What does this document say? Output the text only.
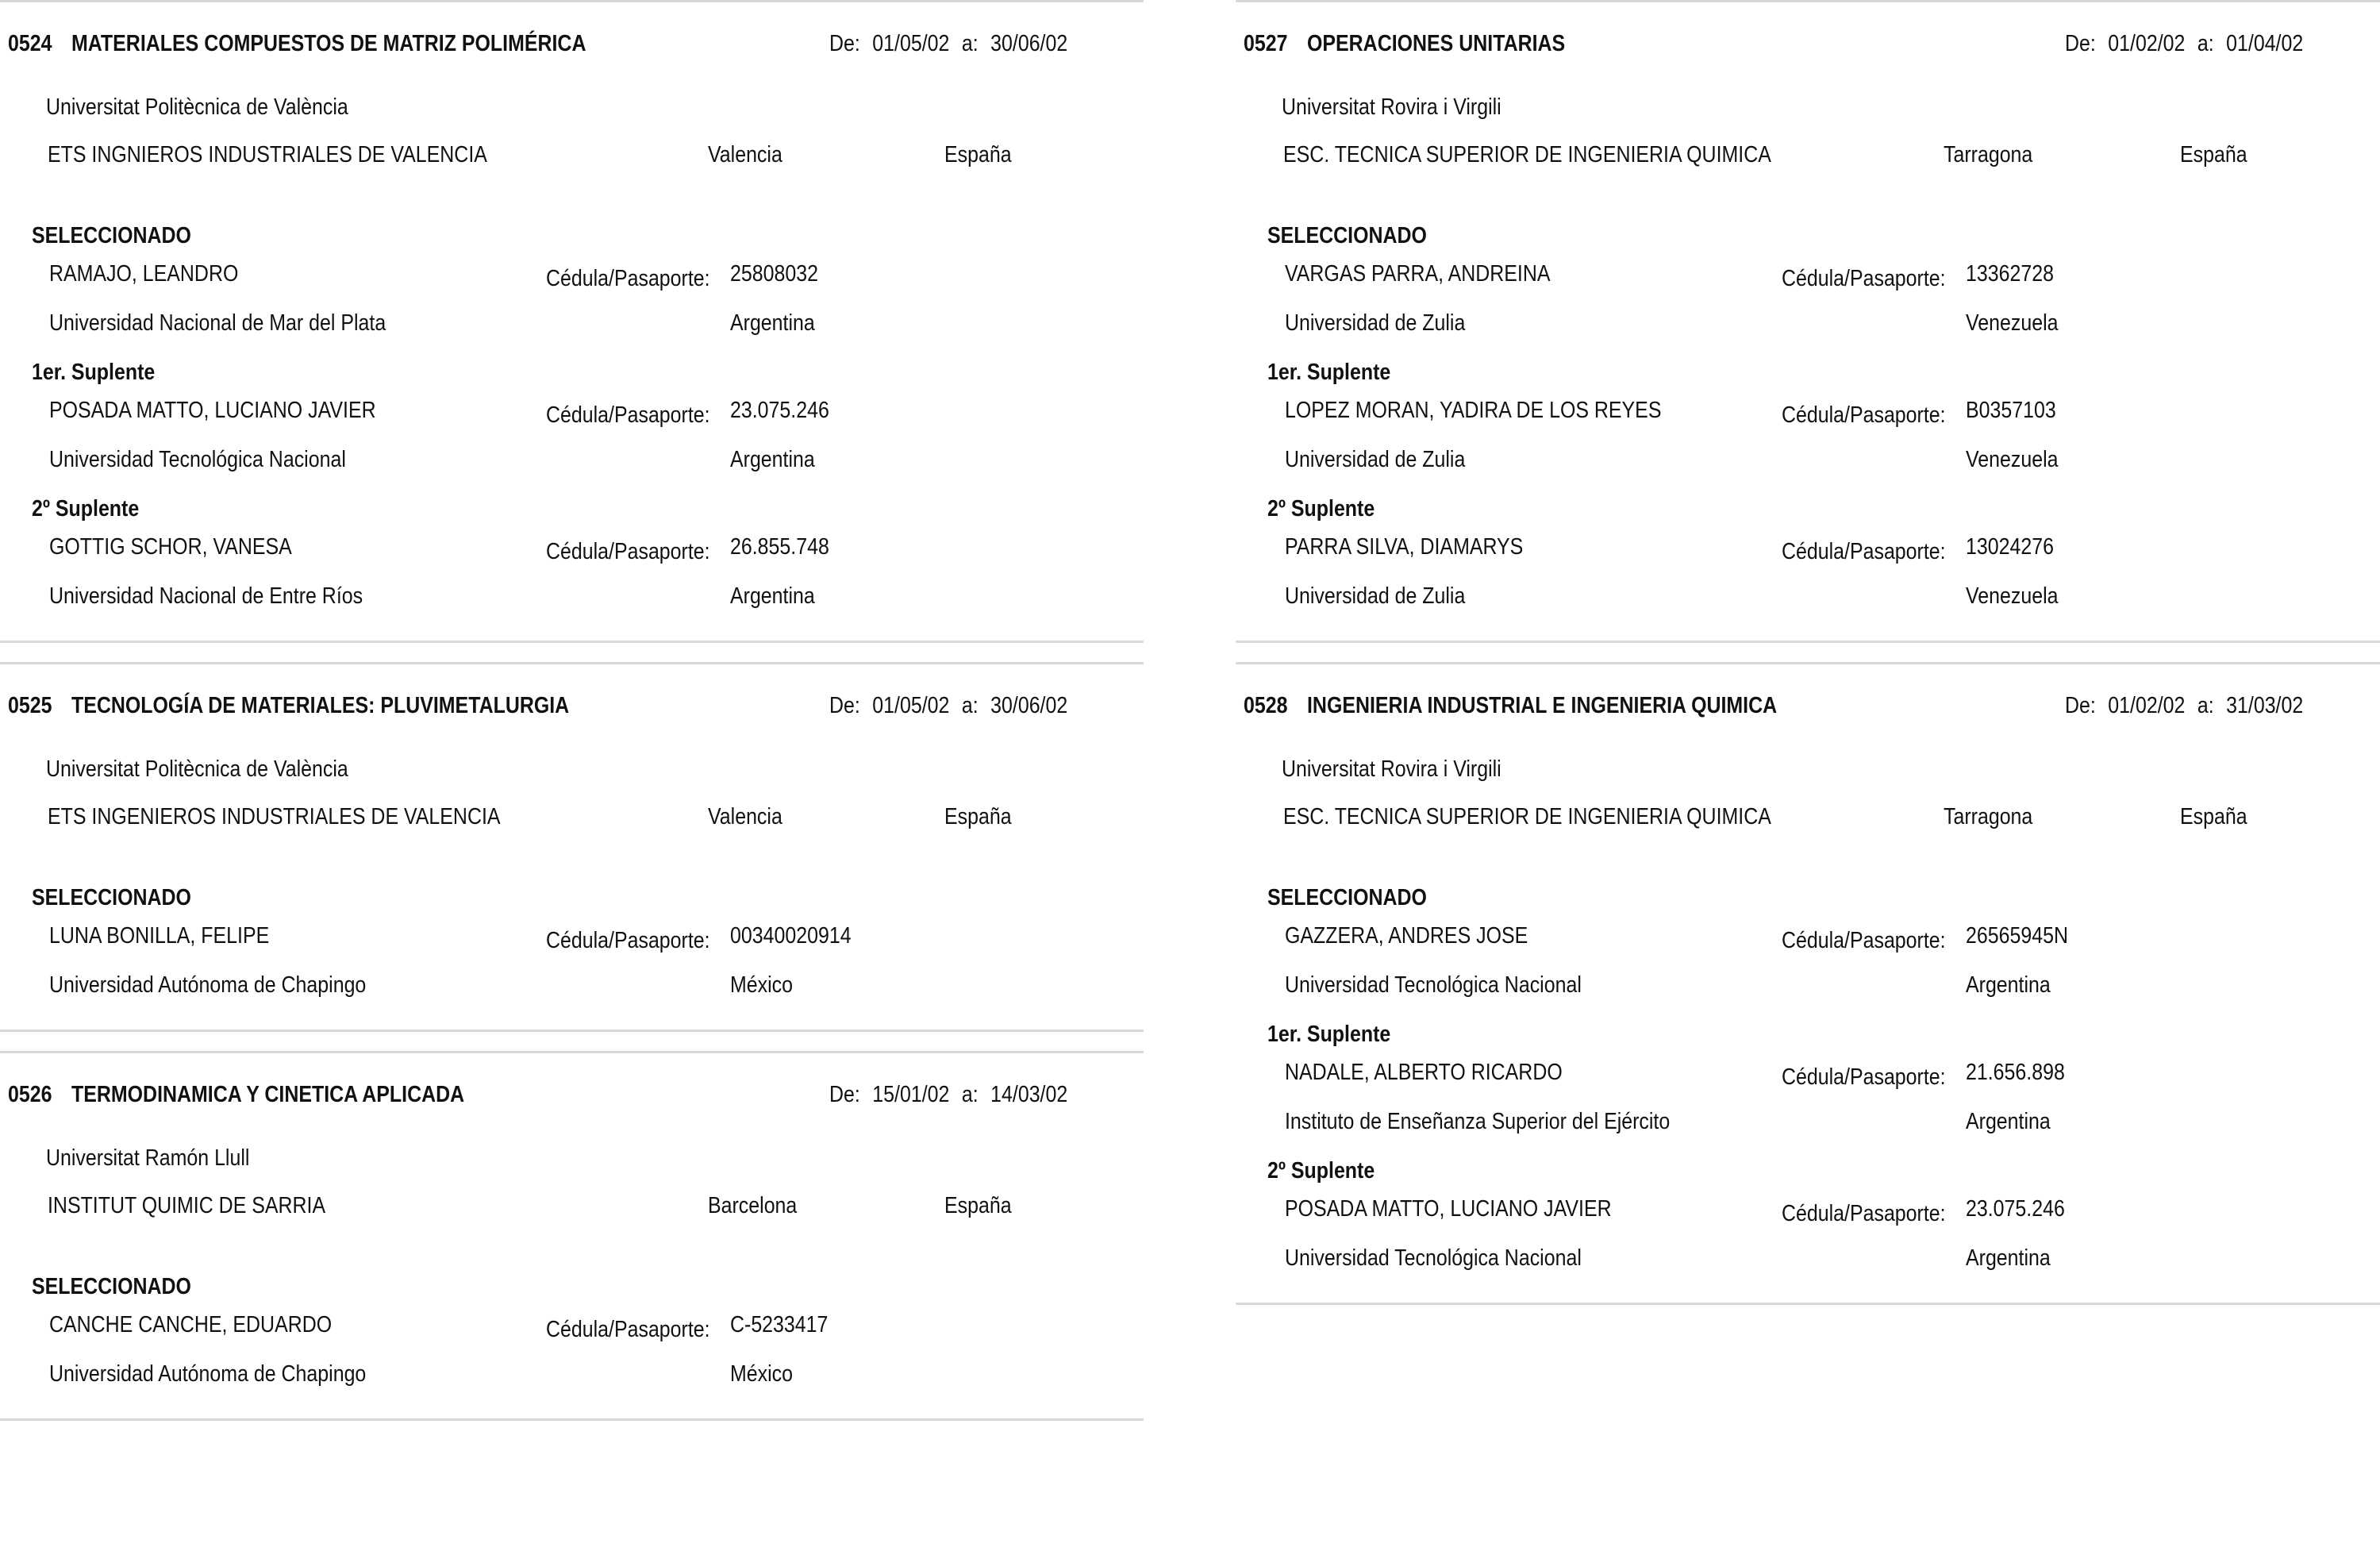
0524 MATERIALES COMPUESTOS DE MATRIZ POLIMÉRICA	De: 01/05/02 a: 30/06/02
Universitat Politècnica de València
ETS INGNIEROS INDUSTRIALES DE VALENCIA	Valencia	España
SELECCIONADO
RAMAJO, LEANDRO	Cédula/Pasaporte: 25808032
Universidad Nacional de Mar del Plata	Argentina
1er. Suplente
POSADA MATTO, LUCIANO JAVIER	Cédula/Pasaporte: 23.075.246
Universidad Tecnológica Nacional	Argentina
2º Suplente
GOTTIG SCHOR, VANESA	Cédula/Pasaporte: 26.855.748
Universidad Nacional de Entre Ríos	Argentina
0525 TECNOLOGÍA DE MATERIALES: PLUVIMETALURGIA	De: 01/05/02 a: 30/06/02
Universitat Politècnica de València
ETS INGENIEROS INDUSTRIALES DE VALENCIA	Valencia	España
SELECCIONADO
LUNA BONILLA, FELIPE	Cédula/Pasaporte: 00340020914
Universidad Autónoma de Chapingo	México
0526 TERMODINAMICA Y CINETICA APLICADA	De: 15/01/02 a: 14/03/02
Universitat Ramón Llull
INSTITUT QUIMIC DE SARRIA	Barcelona	España
SELECCIONADO
CANCHE CANCHE, EDUARDO	Cédula/Pasaporte: C-5233417
Universidad Autónoma de Chapingo	México
0527 OPERACIONES UNITARIAS	De: 01/02/02 a: 01/04/02
Universitat Rovira i Virgili
ESC. TECNICA SUPERIOR DE INGENIERIA QUIMICA	Tarragona	España
SELECCIONADO
VARGAS PARRA, ANDREINA	Cédula/Pasaporte: 13362728
Universidad de Zulia	Venezuela
1er. Suplente
LOPEZ MORAN, YADIRA DE LOS REYES	Cédula/Pasaporte: B0357103
Universidad de Zulia	Venezuela
2º Suplente
PARRA SILVA, DIAMARYS	Cédula/Pasaporte: 13024276
Universidad de Zulia	Venezuela
0528 INGENIERIA INDUSTRIAL E INGENIERIA QUIMICA	De: 01/02/02 a: 31/03/02
Universitat Rovira i Virgili
ESC. TECNICA SUPERIOR DE INGENIERIA QUIMICA	Tarragona	España
SELECCIONADO
GAZZERA, ANDRES JOSE	Cédula/Pasaporte: 26565945N
Universidad Tecnológica Nacional	Argentina
1er. Suplente
NADALE, ALBERTO RICARDO	Cédula/Pasaporte: 21.656.898
Instituto de Enseñanza Superior del Ejército	Argentina
2º Suplente
POSADA MATTO, LUCIANO JAVIER	Cédula/Pasaporte: 23.075.246
Universidad Tecnológica Nacional	Argentina
